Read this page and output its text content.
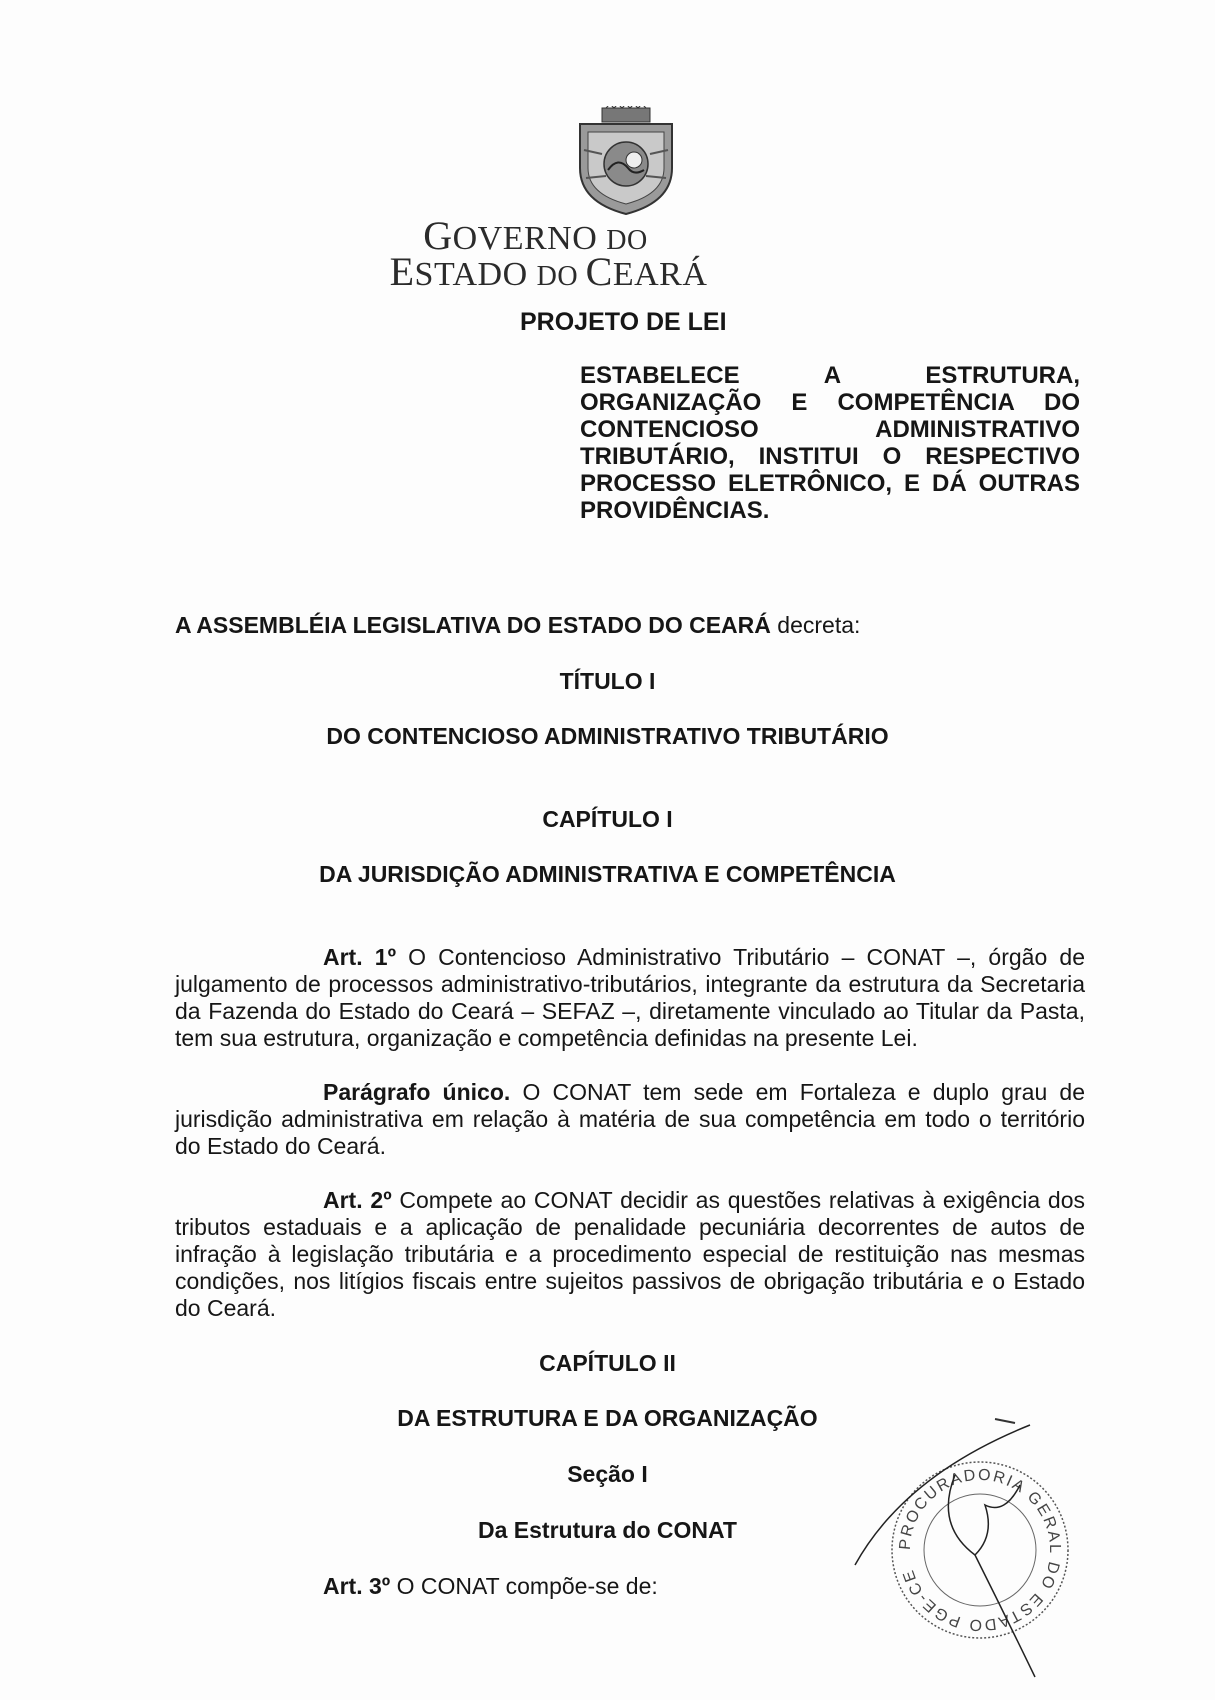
GOVERNO DO
ESTADO DO CEARÁ
PROJETO DE LEI
ESTABELECE A ESTRUTURA, ORGANIZAÇÃO E COMPETÊNCIA DO CONTENCIOSO ADMINISTRATIVO TRIBUTÁRIO, INSTITUI O RESPECTIVO PROCESSO ELETRÔNICO, E DÁ OUTRAS PROVIDÊNCIAS.
A ASSEMBLÉIA LEGISLATIVA DO ESTADO DO CEARÁ decreta:
TÍTULO I
DO CONTENCIOSO ADMINISTRATIVO TRIBUTÁRIO
CAPÍTULO I
DA JURISDIÇÃO ADMINISTRATIVA E COMPETÊNCIA
Art. 1º O Contencioso Administrativo Tributário – CONAT –, órgão de julgamento de processos administrativo-tributários, integrante da estrutura da Secretaria da Fazenda do Estado do Ceará – SEFAZ –, diretamente vinculado ao Titular da Pasta, tem sua estrutura, organização e competência definidas na presente Lei.
Parágrafo único. O CONAT tem sede em Fortaleza e duplo grau de jurisdição administrativa em relação à matéria de sua competência em todo o território do Estado do Ceará.
Art. 2º Compete ao CONAT decidir as questões relativas à exigência dos tributos estaduais e a aplicação de penalidade pecuniária decorrentes de autos de infração à legislação tributária e a procedimento especial de restituição nas mesmas condições, nos litígios fiscais entre sujeitos passivos de obrigação tributária e o Estado do Ceará.
CAPÍTULO II
DA ESTRUTURA E DA ORGANIZAÇÃO
Seção I
Da Estrutura do CONAT
Art. 3º O CONAT compõe-se de:
PROCURADORIA GERAL DO ESTADO PGE-CE
